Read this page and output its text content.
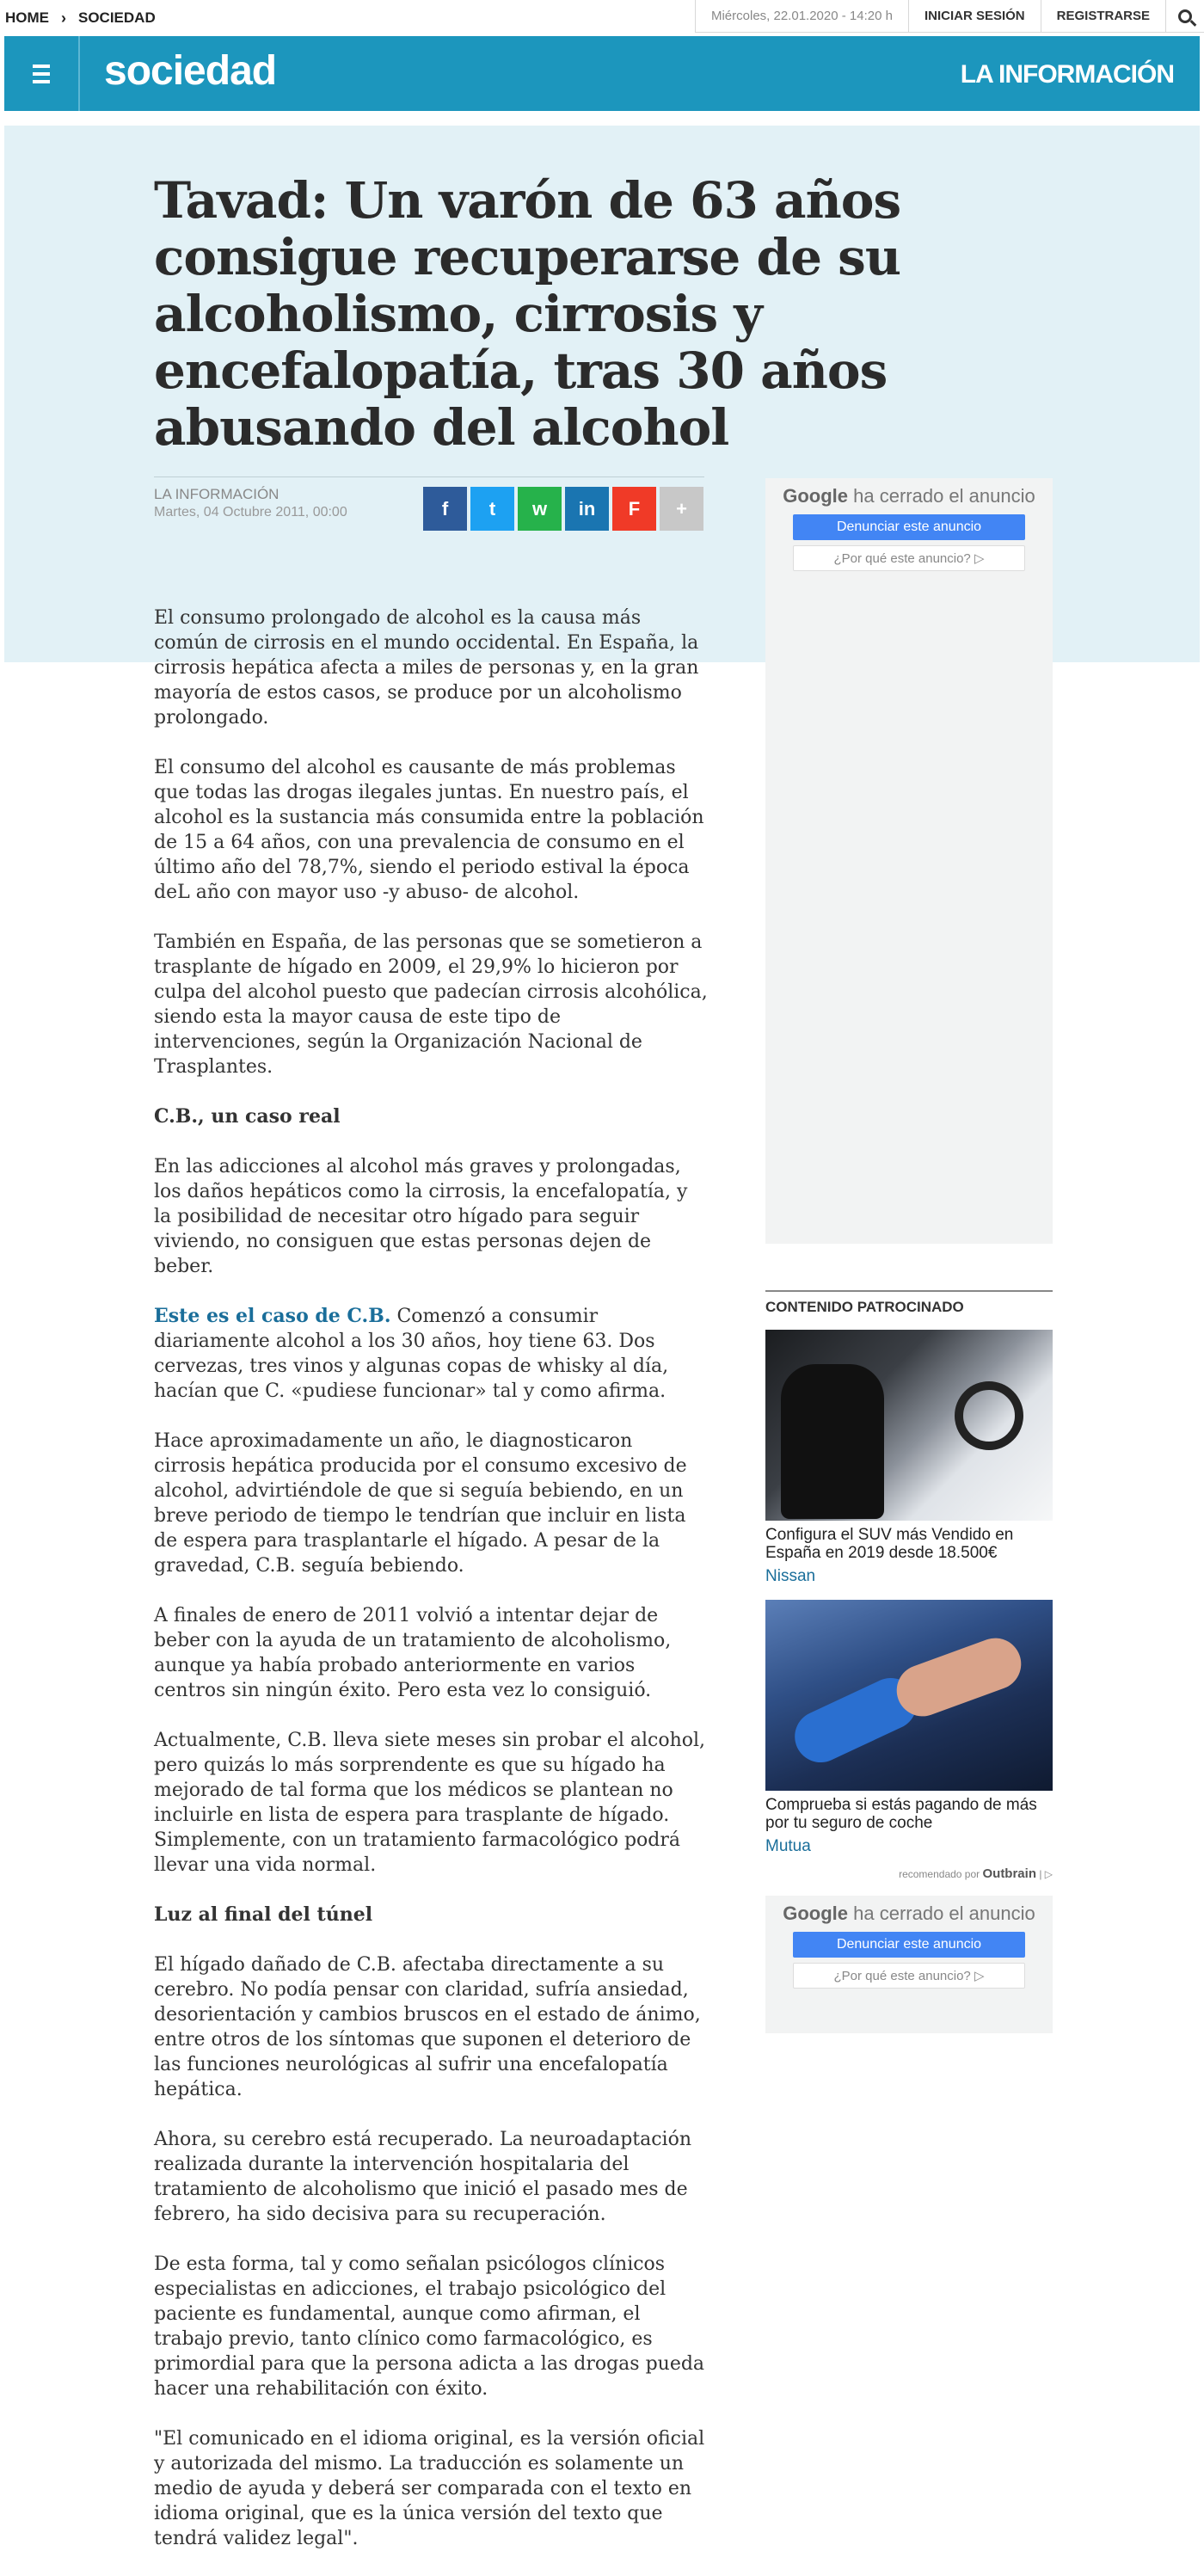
HOME › SOCIEDAD	Miércoles, 22.01.2020 - 14:20 h	INICIAR SESIÓN	REGISTRARSE
sociedad	LA INFORMACIÓN
Tavad: Un varón de 63 años consigue recuperarse de su alcoholismo, cirrosis y encefalopatía, tras 30 años abusando del alcohol
LA INFORMACIÓN
Martes, 04 Octubre 2011, 00:00	f t w in F +

El consumo prolongado de alcohol es la causa más común de cirrosis en el mundo occidental. En España, la cirrosis hepática afecta a miles de personas y, en la gran mayoría de estos casos, se produce por un alcoholismo prolongado.

El consumo del alcohol es causante de más problemas que todas las drogas ilegales juntas. En nuestro país, el alcohol es la sustancia más consumida entre la población de 15 a 64 años, con una prevalencia de consumo en el último año del 78,7%, siendo el periodo estival la época deL año con mayor uso -y abuso- de alcohol.

También en España, de las personas que se sometieron a trasplante de hígado en 2009, el 29,9% lo hicieron por culpa del alcohol puesto que padecían cirrosis alcohólica, siendo esta la mayor causa de este tipo de intervenciones, según la Organización Nacional de Trasplantes.

C.B., un caso real

En las adicciones al alcohol más graves y prolongadas, los daños hepáticos como la cirrosis, la encefalopatía, y la posibilidad de necesitar otro hígado para seguir viviendo, no consiguen que estas personas dejen de beber.

Este es el caso de C.B. Comenzó a consumir diariamente alcohol a los 30 años, hoy tiene 63. Dos cervezas, tres vinos y algunas copas de whisky al día, hacían que C. «pudiese funcionar» tal y como afirma.

Hace aproximadamente un año, le diagnosticaron cirrosis hepática producida por el consumo excesivo de alcohol, advirtiéndole de que si seguía bebiendo, en un breve periodo de tiempo le tendrían que incluir en lista de espera para trasplantarle el hígado. A pesar de la gravedad, C.B. seguía bebiendo.

A finales de enero de 2011 volvió a intentar dejar de beber con la ayuda de un tratamiento de alcoholismo, aunque ya había probado anteriormente en varios centros sin ningún éxito. Pero esta vez lo consiguió.

Actualmente, C.B. lleva siete meses sin probar el alcohol, pero quizás lo más sorprendente es que su hígado ha mejorado de tal forma que los médicos se plantean no incluirle en lista de espera para trasplante de hígado. Simplemente, con un tratamiento farmacológico podrá llevar una vida normal.

Luz al final del túnel

El hígado dañado de C.B. afectaba directamente a su cerebro. No podía pensar con claridad, sufría ansiedad, desorientación y cambios bruscos en el estado de ánimo, entre otros de los síntomas que suponen el deterioro de las funciones neurológicas al sufrir una encefalopatía hepática.

Ahora, su cerebro está recuperado. La neuroadaptación realizada durante la intervención hospitalaria del tratamiento de alcoholismo que inició el pasado mes de febrero, ha sido decisiva para su recuperación.

De esta forma, tal y como señalan psicólogos clínicos especialistas en adicciones, el trabajo psicológico del paciente es fundamental, aunque como afirman, el trabajo previo, tanto clínico como farmacológico, es primordial para que la persona adicta a las drogas pueda hacer una rehabilitación con éxito.

"El comunicado en el idioma original, es la versión oficial y autorizada del mismo. La traducción es solamente un medio de ayuda y deberá ser comparada con el texto en idioma original, que es la única versión del texto que tendrá validez legal".

Google ha cerrado el anuncio
Denunciar este anuncio
¿Por qué este anuncio? ▷
CONTENIDO PATROCINADO
Configura el SUV más Vendido en España en 2019 desde 18.500€
Nissan
Comprueba si estás pagando de más por tu seguro de coche
Mutua
recomendado por Outbrain | ▷
Google ha cerrado el anuncio
Denunciar este anuncio
¿Por qué este anuncio? ▷
